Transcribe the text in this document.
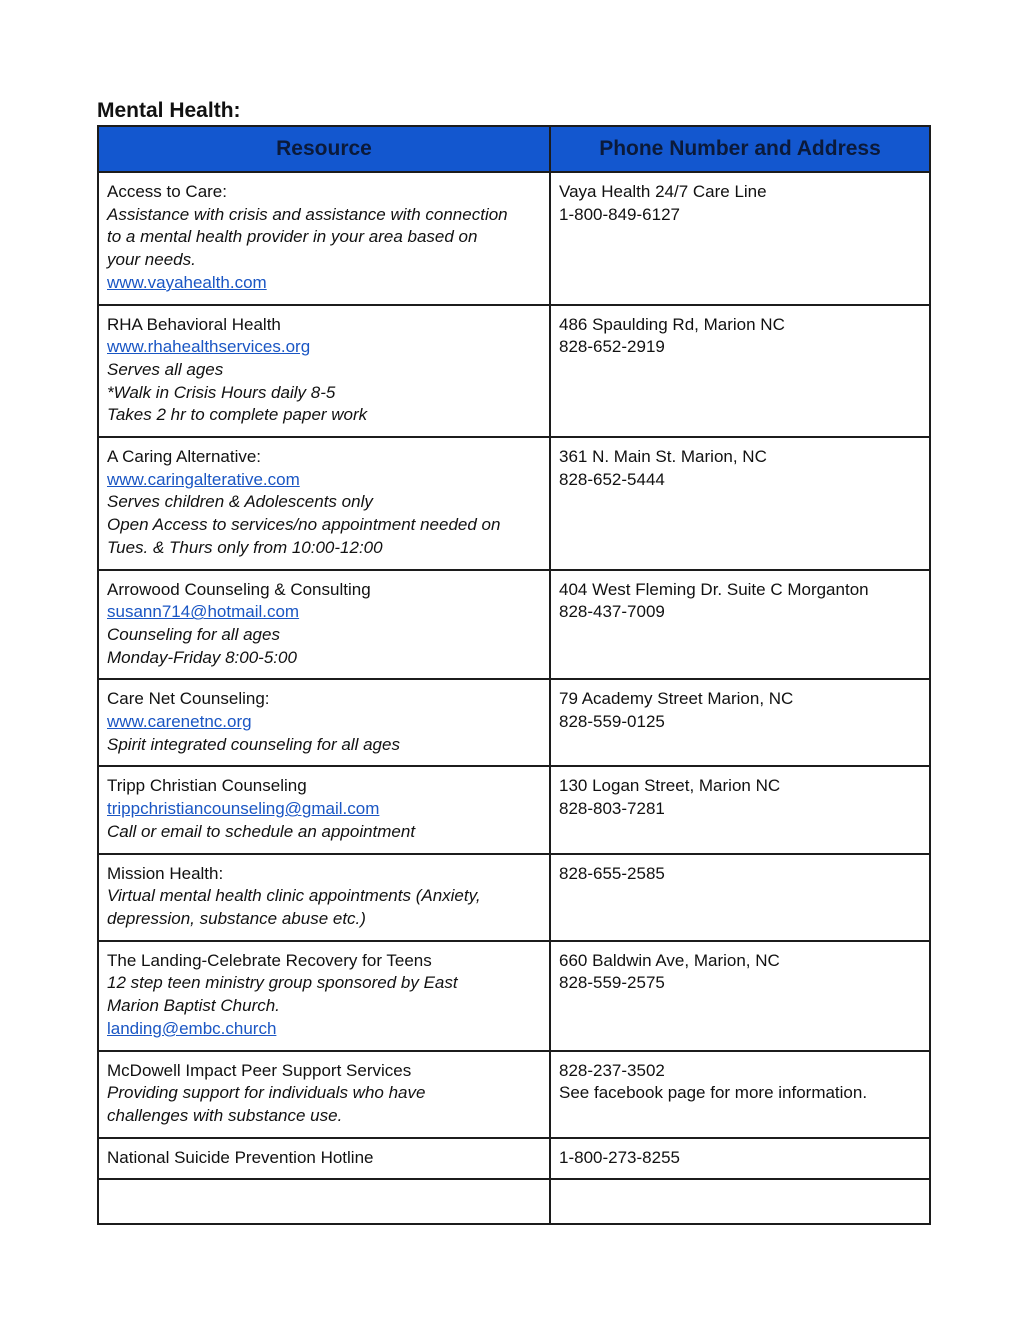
Mental Health:
Resource	Phone Number and Address

Access to Care:
Assistance with crisis and assistance with connection
to a mental health provider in your area based on
your needs.
www.vayahealth.com	Vaya Health 24/7 Care Line
1-800-849-6127

RHA Behavioral Health
www.rhahealthservices.org
Serves all ages
*Walk in Crisis Hours daily 8-5
Takes 2 hr to complete paper work	486 Spaulding Rd, Marion NC
828-652-2919

A Caring Alternative:
www.caringalterative.com
Serves children & Adolescents only
Open Access to services/no appointment needed on
Tues. & Thurs only from 10:00-12:00	361 N. Main St. Marion, NC
828-652-5444

Arrowood Counseling & Consulting
susann714@hotmail.com
Counseling for all ages
Monday-Friday 8:00-5:00	404 West Fleming Dr. Suite C Morganton
828-437-7009

Care Net Counseling:
www.carenetnc.org
Spirit integrated counseling for all ages	79 Academy Street Marion, NC
828-559-0125

Tripp Christian Counseling
trippchristiancounseling@gmail.com
Call or email to schedule an appointment	130 Logan Street, Marion NC
828-803-7281

Mission Health:
Virtual mental health clinic appointments (Anxiety,
depression, substance abuse etc.)	828-655-2585

The Landing-Celebrate Recovery for Teens
12 step teen ministry group sponsored by East
Marion Baptist Church.
landing@embc.church	660 Baldwin Ave, Marion, NC
828-559-2575

McDowell Impact Peer Support Services
Providing support for individuals who have
challenges with substance use.	828-237-3502
See facebook page for more information.

National Suicide Prevention Hotline	1-800-273-8255
